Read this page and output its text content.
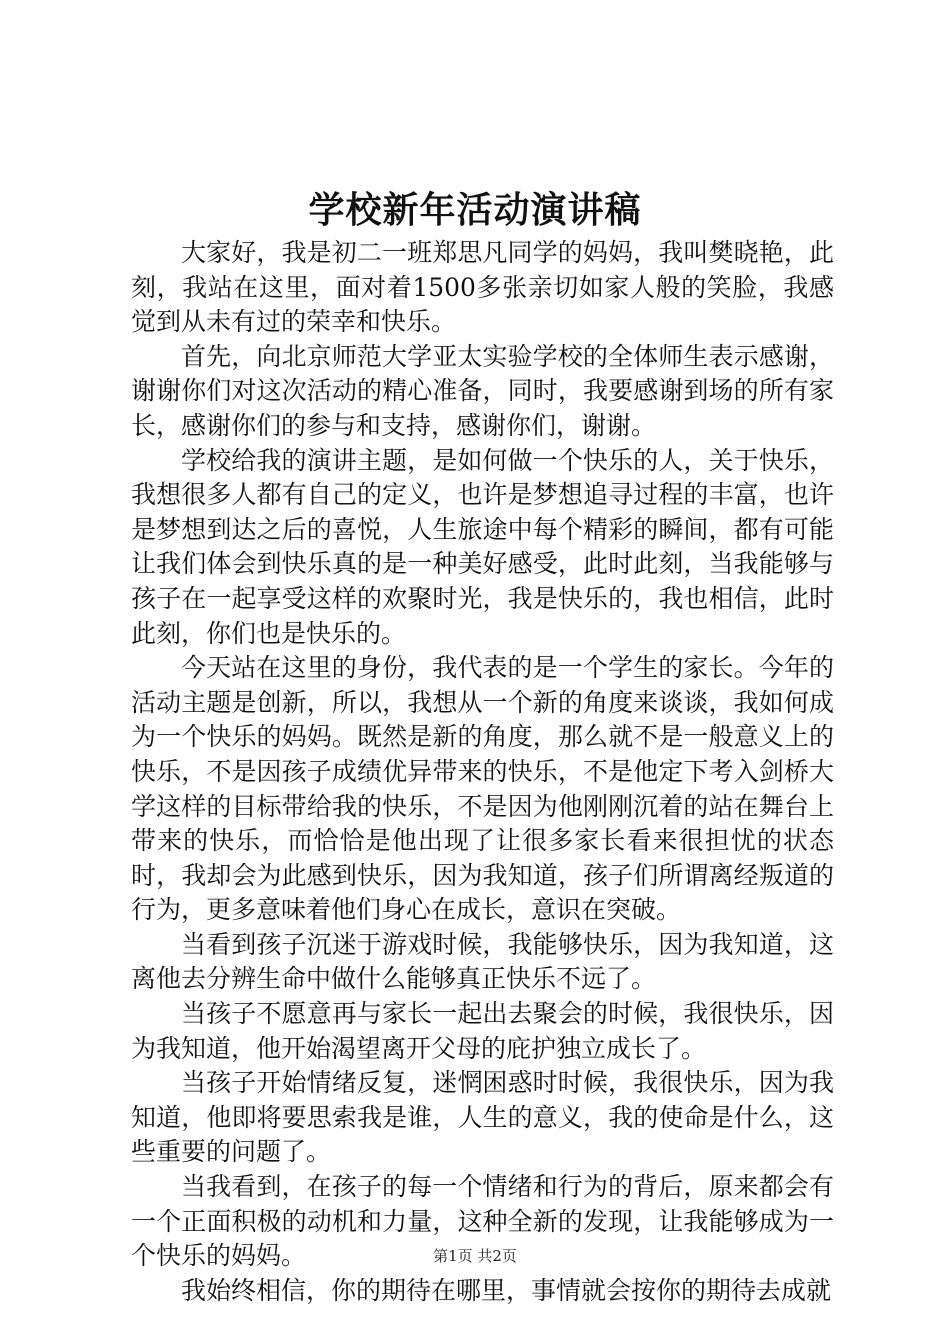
学校新年活动演讲稿

大家好，我是初二一班郑思凡同学的妈妈，我叫樊晓艳，此刻，我站在这里，面对着1500多张亲切如家人般的笑脸，我感觉到从未有过的荣幸和快乐。

首先，向北京师范大学亚太实验学校的全体师生表示感谢，谢谢你们对这次活动的精心准备，同时，我要感谢到场的所有家长，感谢你们的参与和支持，感谢你们，谢谢。

学校给我的演讲主题，是如何做一个快乐的人，关于快乐，我想很多人都有自己的定义，也许是梦想追寻过程的丰富，也许是梦想到达之后的喜悦，人生旅途中每个精彩的瞬间，都有可能让我们体会到快乐真的是一种美好感受，此时此刻，当我能够与孩子在一起享受这样的欢聚时光，我是快乐的，我也相信，此时此刻，你们也是快乐的。

今天站在这里的身份，我代表的是一个学生的家长。今年的活动主题是创新，所以，我想从一个新的角度来谈谈，我如何成为一个快乐的妈妈。既然是新的角度，那么就不是一般意义上的快乐，不是因孩子成绩优异带来的快乐，不是他定下考入剑桥大学这样的目标带给我的快乐，不是因为他刚刚沉着的站在舞台上带来的快乐，而恰恰是他出现了让很多家长看来很担忧的状态时，我却会为此感到快乐，因为我知道，孩子们所谓离经叛道的行为，更多意味着他们身心在成长，意识在突破。

当看到孩子沉迷于游戏时候，我能够快乐，因为我知道，这离他去分辨生命中做什么能够真正快乐不远了。

当孩子不愿意再与家长一起出去聚会的时候，我很快乐，因为我知道，他开始渴望离开父母的庇护独立成长了。

当孩子开始情绪反复，迷惘困惑时时候，我很快乐，因为我知道，他即将要思索我是谁，人生的意义，我的使命是什么，这些重要的问题了。

当我看到，在孩子的每一个情绪和行为的背后，原来都会有一个正面积极的动机和力量，这种全新的发现，让我能够成为一个快乐的妈妈。

我始终相信，你的期待在哪里，事情就会按你的期待去成就

第1页 共2页
